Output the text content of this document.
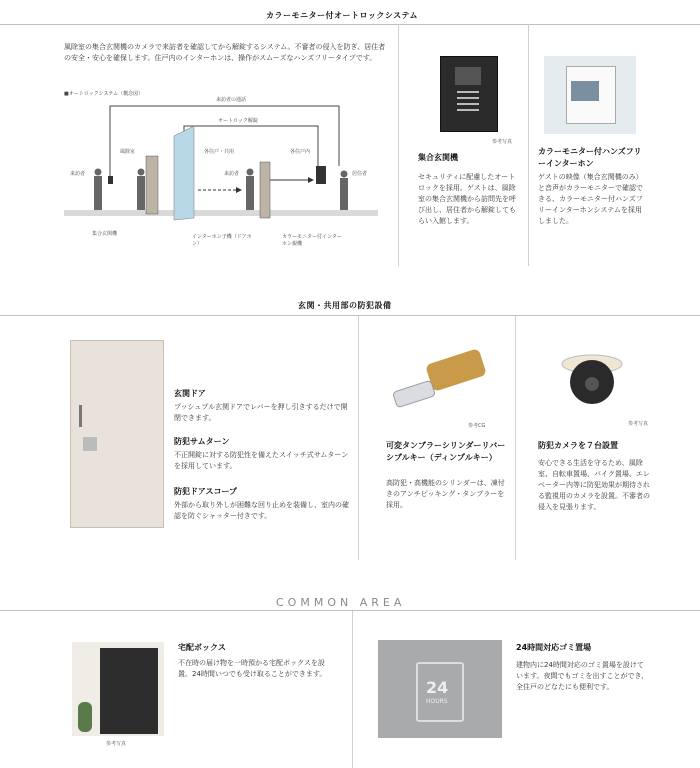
カラーモニター付オートロックシステム
風除室の集合玄関機のカメラで来訪者を確認してから解錠するシステム。不審者の侵入を防ぎ、居住者の安全・安心を確保します。住戸内のインターホンは、操作がスムーズなハンズフリータイプです。
■オートロックシステム（概念図）
来訪者の通話
オートロック解錠
風除室	各住戸・共用	各住戸内
来訪者	来訪者	居住者
集合玄関機	インターホン子機（ドアホン）
カラーモニター付インターホン親機
参考写真
集合玄関機
セキュリティに配慮したオートロックを採用。ゲストは、風除室の集合玄関機から訪問先を呼び出し、居住者から解錠してもらい入館します。
カラーモニター付ハンズフリーインターホン
ゲストの映像（集合玄関機のみ）と音声がカラーモニターで確認できる、カラーモニター付ハンズフリーインターホンシステムを採用しました。
玄関・共用部の防犯設備
玄関ドア
プッシュプル玄関ドアでレバーを押し引きするだけで開閉できます。
防犯サムターン
不正開錠に対する防犯性を備えたスイッチ式サムターンを採用しています。
防犯ドアスコープ
外部から取り外しが困難な回り止めを装備し、室内の確認を防ぐシャッター付きです。
参考CG
可変タンブラーシリンダーリバーシブルキー（ディンプルキー）
高防犯・高機能のシリンダーは、凍付きのアンチピッキング・タンブラーを採用。
参考写真
防犯カメラを７台設置
安心できる生活を守るため、風除室、自転車置場、バイク置場、エレベーター内等に防犯効果が期待される監視用のカメラを設置。不審者の侵入を見張ります。
COMMON AREA
参考写真
宅配ボックス
不在時の届け物を一時預かる宅配ボックスを設置。24時間いつでも受け取ることができます。
24
HOURS
24時間対応ゴミ置場
建物内に24時間対応のゴミ置場を設けています。夜間でもゴミを出すことができ、全住戸のどなたにも便利です。
